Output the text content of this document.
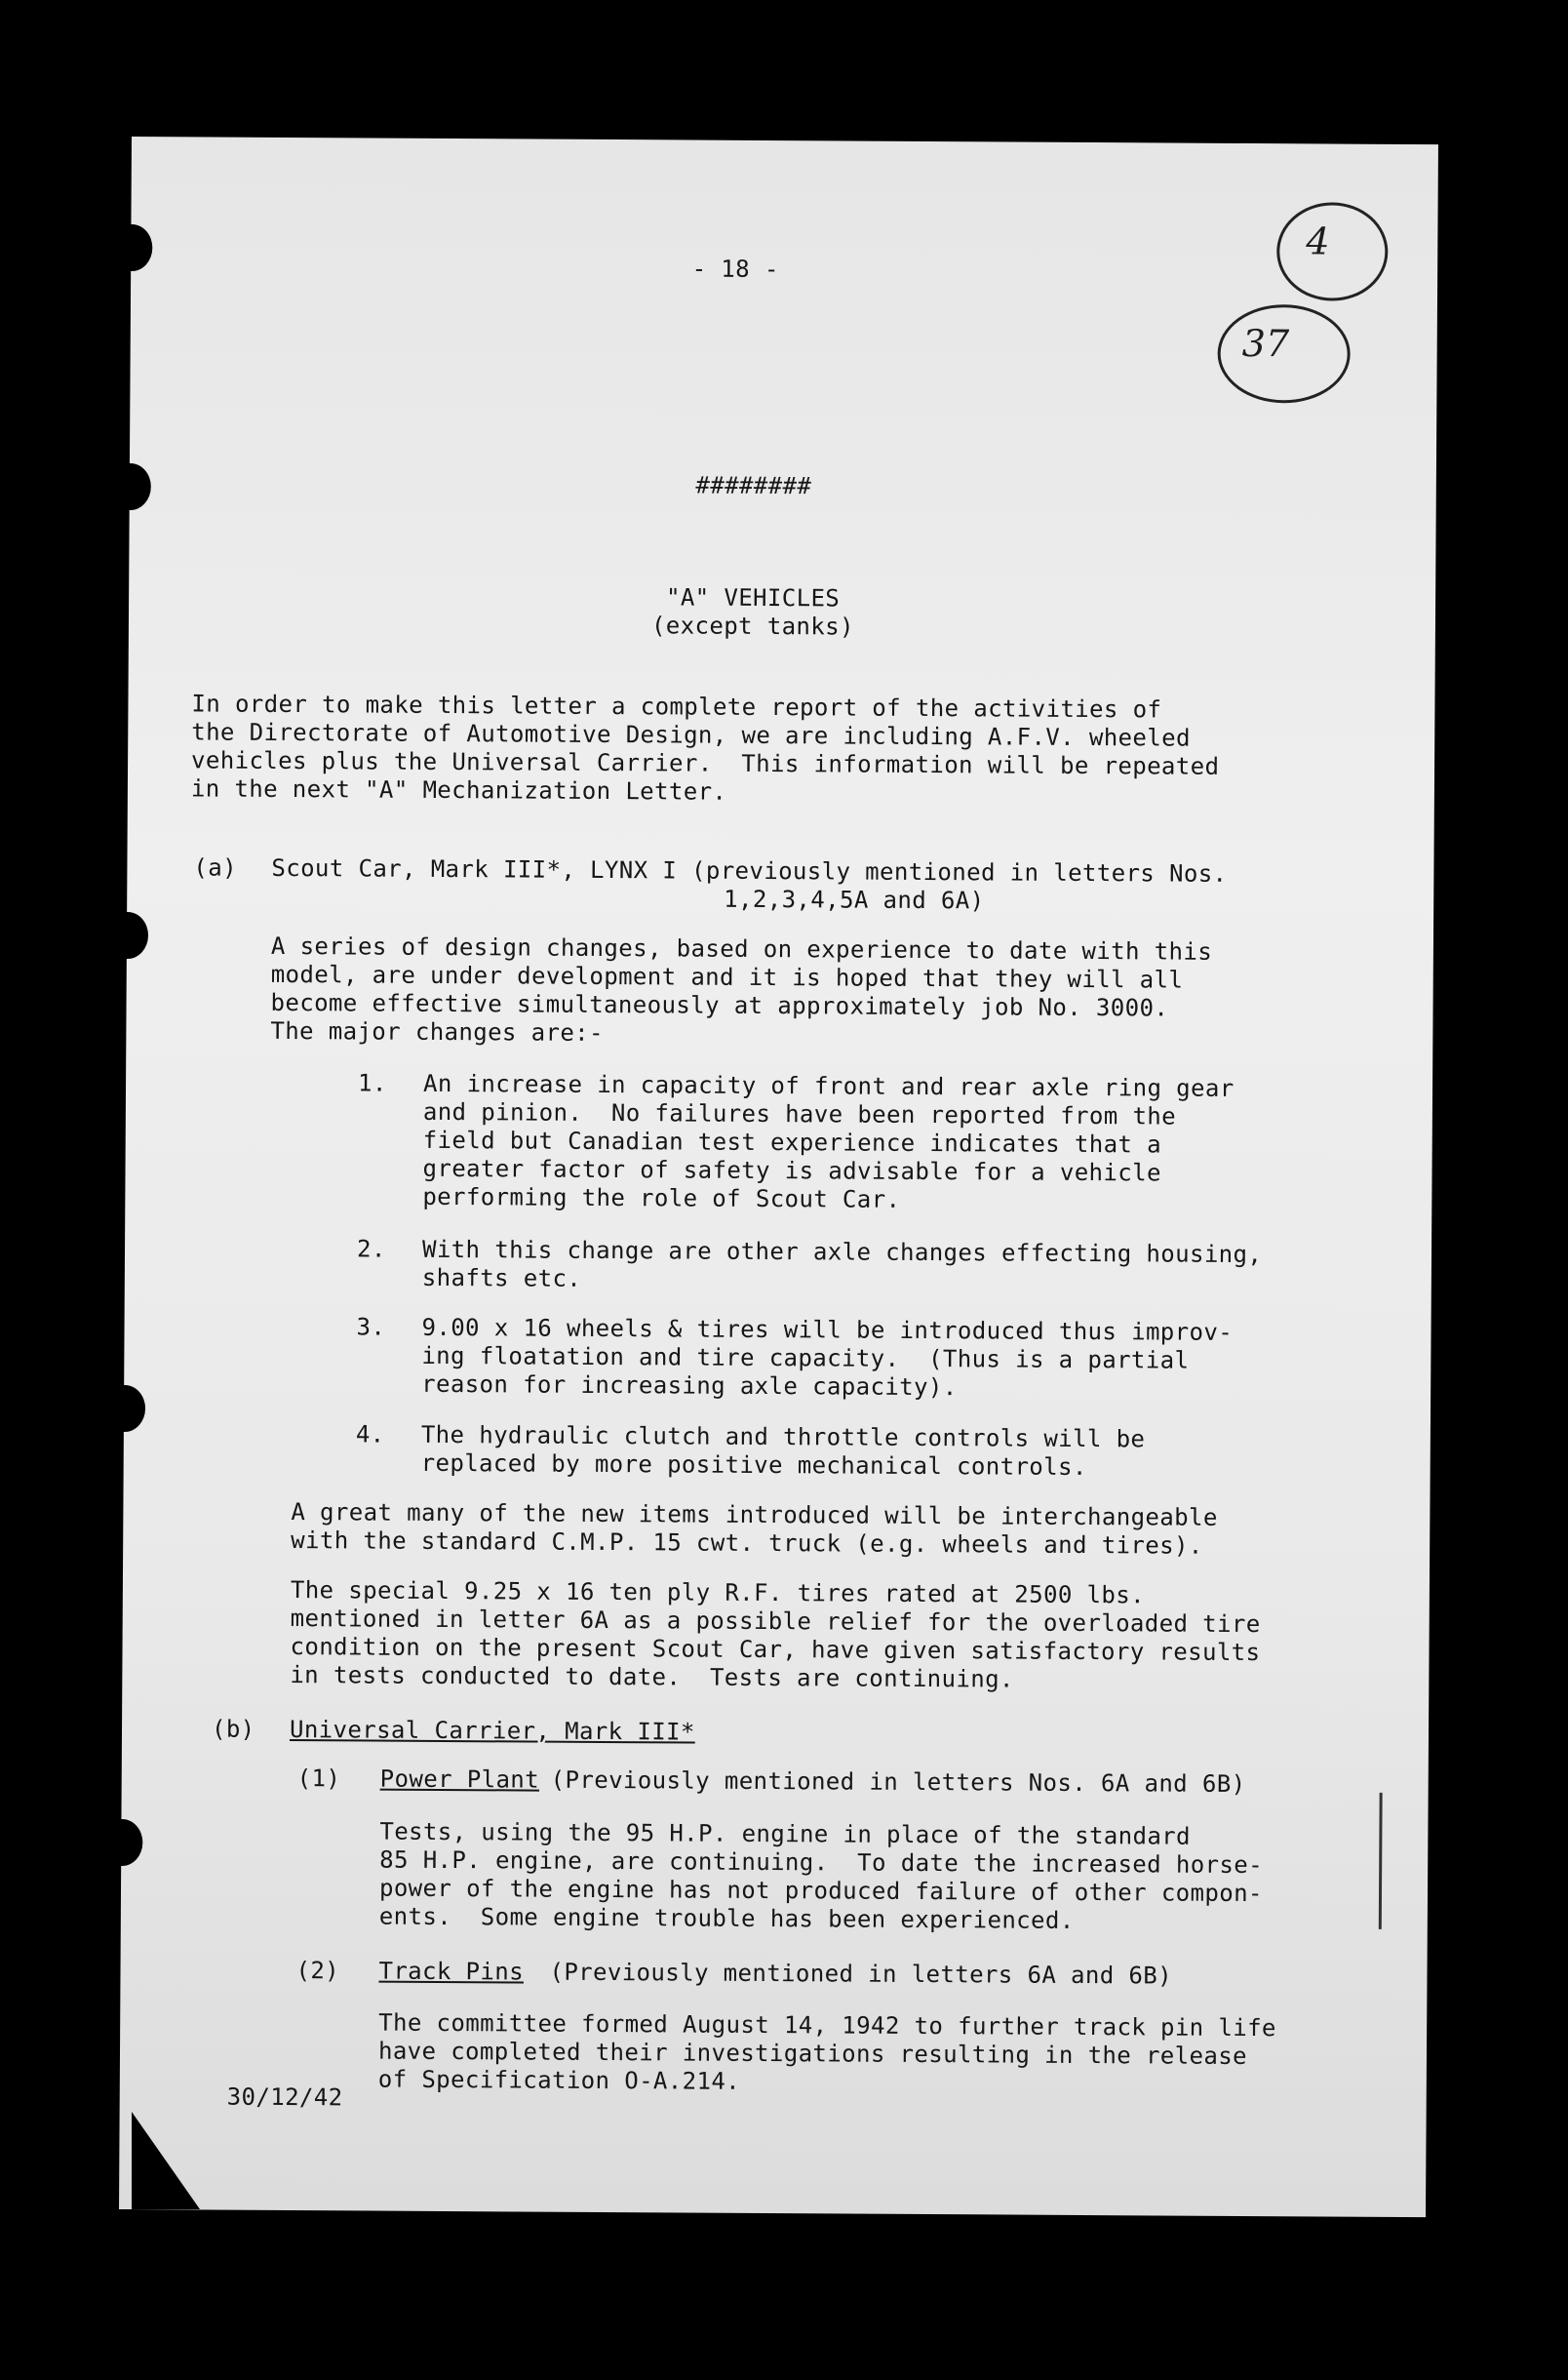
- 18 -
4
37
########
"A" VEHICLES
(except tanks)
In order to make this letter a complete report of the activities of
the Directorate of Automotive Design, we are including A.F.V. wheeled
vehicles plus the Universal Carrier.  This information will be repeated
in the next "A" Mechanization Letter.
(a) Scout Car, Mark III*, LYNX I (previously mentioned in letters Nos.
1,2,3,4,5A and 6A)
A series of design changes, based on experience to date with this
model, are under development and it is hoped that they will all
become effective simultaneously at approximately job No. 3000.
The major changes are:-
1. An increase in capacity of front and rear axle ring gear
and pinion.  No failures have been reported from the
field but Canadian test experience indicates that a
greater factor of safety is advisable for a vehicle
performing the role of Scout Car.
2. With this change are other axle changes effecting housing,
shafts etc.
3. 9.00 x 16 wheels & tires will be introduced thus improv-
ing floatation and tire capacity.  (Thus is a partial
reason for increasing axle capacity).
4. The hydraulic clutch and throttle controls will be
replaced by more positive mechanical controls.
A great many of the new items introduced will be interchangeable
with the standard C.M.P. 15 cwt. truck (e.g. wheels and tires).
The special 9.25 x 16 ten ply R.F. tires rated at 2500 lbs.
mentioned in letter 6A as a possible relief for the overloaded tire
condition on the present Scout Car, have given satisfactory results
in tests conducted to date.  Tests are continuing.
(b) Universal Carrier, Mark III*
(1) Power Plant (Previously mentioned in letters Nos. 6A and 6B)
Tests, using the 95 H.P. engine in place of the standard
85 H.P. engine, are continuing.  To date the increased horse-
power of the engine has not produced failure of other compon-
ents.  Some engine trouble has been experienced.
(2) Track Pins (Previously mentioned in letters 6A and 6B)
The committee formed August 14, 1942 to further track pin life
have completed their investigations resulting in the release
of Specification O-A.214.
30/12/42
